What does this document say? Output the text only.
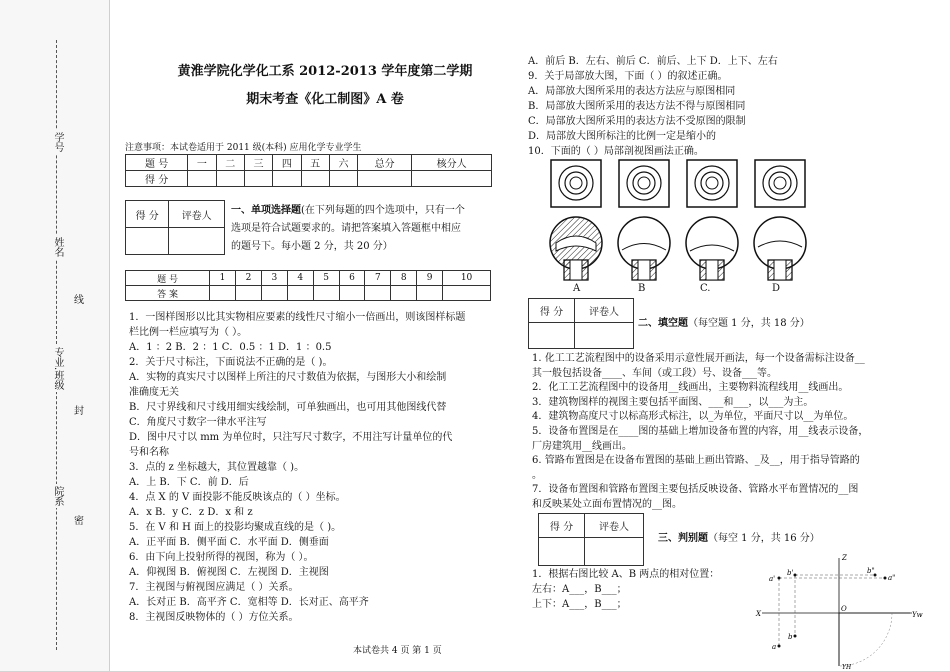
学号
姓名
专业.班级
院系
线
封
密
黄淮学院化学化工系 2012-2013 学年度第二学期
期末考查《化工制图》A 卷
注意事项：本试卷适用于 2011 级(本科) 应用化学专业学生
题 号	一	二	三	四	五	六	总分	核分人
得 分								
得 分	评卷人
	一、单项选择题(在下列每题的四个选项中，只有一个
选项是符合试题要求的。请把答案填入答题框中相应
的题号下。每小题 2 分，共 20 分）
题 号	1	2	3	4	5	6	7	8	9	10
答 案										
1．一图样图形以比其实物相应要素的线性尺寸缩小一倍画出，则该图样标题
栏比例一栏应填写为（ ）。
A．1 ：2 B．2 ：1 C．0.5 ：1 D．1 ：0.5
2．关于尺寸标注，下面说法不正确的是（ )。
A．实物的真实尺寸以图样上所注的尺寸数值为依据，与图形大小和绘制
准确度无关
B．尺寸界线和尺寸线用细实线绘制，可单独画出，也可用其他图线代替
C．角度尺寸数字一律水平注写
D．图中尺寸以 mm 为单位时，只注写尺寸数字，不用注写计量单位的代
号和名称
3．点的 z 坐标越大，其位置越靠（ )。
A．上 B．下 C．前 D．后
4．点 X 的 V 面投影不能反映该点的（ ）坐标。
A．x B．y C．z D．x 和 z
5．在 V 和 H 面上的投影均聚成直线的是（ )。
A．正平面 B．侧平面 C．水平面 D．侧垂面
6．由下向上投射所得的视图，称为（ ）。
A．仰视图 B．俯视图 C．左视图 D．主视图
7．主视图与俯视图应满足（ ）关系。
A．长对正 B．高平齐 C．宽相等 D．长对正、高平齐
8．主视图反映物体的（ ）方位关系。
本试卷共 4 页 第 1 页
A．前后 B．左右、前后 C．前后、上下 D．上下、左右
9．关于局部放大图，下面（ ）的叙述正确。
A．局部放大图所采用的表达方法应与原图相同
B．局部放大图所采用的表达方法不得与原图相同
C．局部放大图所采用的表达方法不受原图的限制
D．局部放大图所标注的比例一定是缩小的
10．下面的（ ）局部剖视图画法正确。
A	B	C.	D
得 分	评卷人

二、填空题（每空题 1 分，共 18 分）
1. 化工工艺流程图中的设备采用示意性展开画法，每一个设备需标注设备__
其一般包括设备____、车间（或工段）号、设备___等。
2．化工工艺流程图中的设备用__线画出，主要物料流程线用__线画出。
3．建筑物图样的视图主要包括平面图、___和___，以___为主。
4．建筑物高度尺寸以标高形式标注，以_为单位，平面尺寸以__为单位。
5．设备布置图是在____图的基础上增加设备布置的内容，用__线表示设备，
厂房建筑用__线画出。
6. 管路布置图是在设备布置图的基础上画出管路、_及__，用于指导管路的
。
7．设备布置图和管路布置图主要包括反映设备、管路水平布置情况的__图
和反映某处立面布置情况的__图。
得 分	评卷人

三、判别题（每空 1 分，共 16 分）
1．根据右图比较 A、B 两点的相对位置：
左右：A___，B___；
上下：A___，B___；
Z
X
O
Yw
YH
a'
b'	b"
a"
a
b
